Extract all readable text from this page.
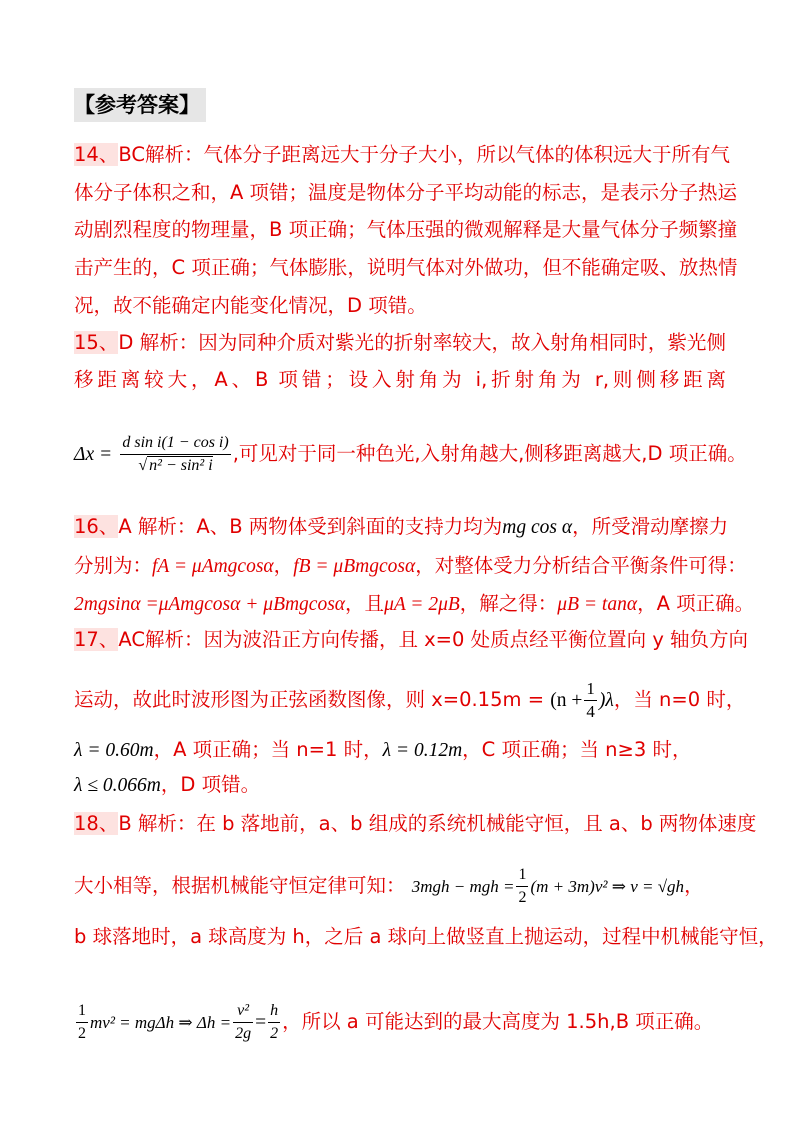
【参考答案】
14、BC解析：气体分子距离远大于分子大小，所以气体的体积远大于所有气
体分子体积之和，A 项错；温度是物体分子平均动能的标志，是表示分子热运
动剧烈程度的物理量，B 项正确；气体压强的微观解释是大量气体分子频繁撞
击产生的，C 项正确；气体膨胀，说明气体对外做功，但不能确定吸、放热情
况，故不能确定内能变化情况，D 项错。
15、D 解析：因为同种介质对紫光的折射率较大，故入射角相同时，紫光侧
移距离较大，A、B 项错；设入射角为 i,折射角为 r,则侧移距离
$\Delta x = \frac{\text{d sin i(1 − cos i)}}{\text{√ n² − sin² i}}$ ,可见对于同一种色光,入射角越大,侧移距离越大,D 项正确。
16、A 解析：A、B 两物体受到斜面的支持力均为mg cos α，所受滑动摩擦力
分别为：fA = μAmgcosα，fB = μBmgcosα，对整体受力分析结合平衡条件可得：
2mgsinα =μAmgcosα + μBmgcosα，且μA = 2μB，解之得：μB = tanα，A 项正确。
17、AC解析：因为波沿正方向传播，且 x=0 处质点经平衡位置向 y 轴负方向
运动，故此时波形图为正弦函数图像，则 $x=0.15m = (n + \frac{1}{4} )\lambda$，当 n=0 时，
λ = 0.60m，A 项正确；当 n=1 时，λ = 0.12m，C 项正确；当 n≥3 时，
λ ≤ 0.066m，D 项错。
18、B 解析：在 b 落地前，a、b 组成的系统机械能守恒，且 a、b 两物体速度
大小相等，根据机械能守恒定律可知： 3mgh − mgh = $\frac{1}{2} (m + 3m)v^2$ ⇒ v = √gh，
b 球落地时，a 球高度为 h，之后 a 球向上做竖直上抛运动，过程中机械能守恒，
$\frac{1}{2} mv^2 = mg\Delta h$ ⇒ $\Delta h = \frac{\text{v²}}{2g} = \frac{h}{2}$ ，所以 a 可能达到的最大高度为 1.5h,B 项正确。
